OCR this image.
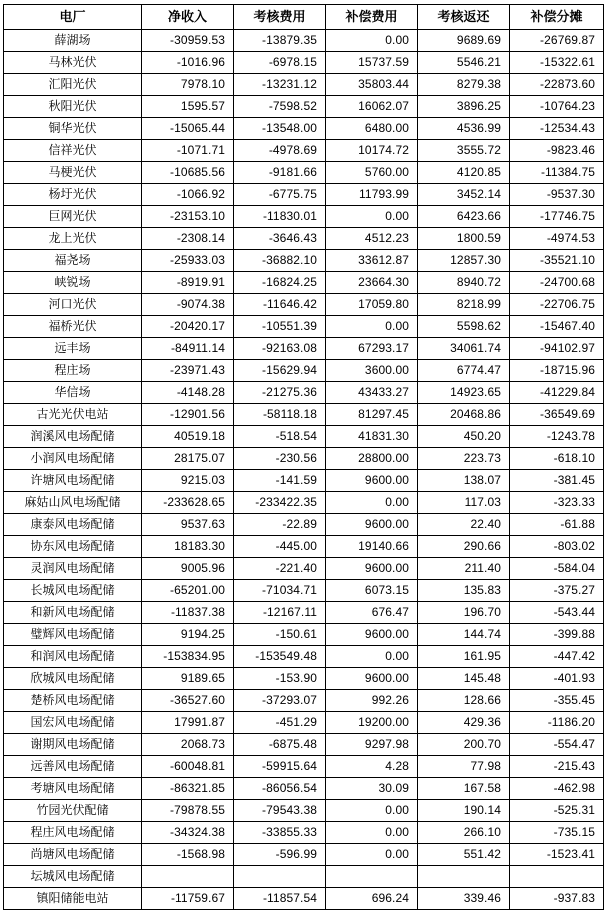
电厂	净收入	考核费用	补偿费用	考核返还	补偿分摊
薛湖场	-30959.53	-13879.35	0.00	9689.69	-26769.87
马林光伏	-1016.96	-6978.15	15737.59	5546.21	-15322.61
汇阳光伏	7978.10	-13231.12	35803.44	8279.38	-22873.60
秋阳光伏	1595.57	-7598.52	16062.07	3896.25	-10764.23
铜华光伏	-15065.44	-13548.00	6480.00	4536.99	-12534.43
信祥光伏	-1071.71	-4978.69	10174.72	3555.72	-9823.46
马梗光伏	-10685.56	-9181.66	5760.00	4120.85	-11384.75
杨圩光伏	-1066.92	-6775.75	11793.99	3452.14	-9537.30
巨网光伏	-23153.10	-11830.01	0.00	6423.66	-17746.75
龙上光伏	-2308.14	-3646.43	4512.23	1800.59	-4974.53
福尧场	-25933.03	-36882.10	33612.87	12857.30	-35521.10
峡锐场	-8919.91	-16824.25	23664.30	8940.72	-24700.68
河口光伏	-9074.38	-11646.42	17059.80	8218.99	-22706.75
福桥光伏	-20420.17	-10551.39	0.00	5598.62	-15467.40
远丰场	-84911.14	-92163.08	67293.17	34061.74	-94102.97
程庄场	-23971.43	-15629.94	3600.00	6774.47	-18715.96
华信场	-4148.28	-21275.36	43433.27	14923.65	-41229.84
古光光伏电站	-12901.56	-58118.18	81297.45	20468.86	-36549.69
润溪风电场配储	40519.18	-518.54	41831.30	450.20	-1243.78
小润风电场配储	28175.07	-230.56	28800.00	223.73	-618.10
许塘风电场配储	9215.03	-141.59	9600.00	138.07	-381.45
麻姑山风电场配储	-233628.65	-233422.35	0.00	117.03	-323.33
康泰风电场配储	9537.63	-22.89	9600.00	22.40	-61.88
协东风电场配储	18183.30	-445.00	19140.66	290.66	-803.02
灵润风电场配储	9005.96	-221.40	9600.00	211.40	-584.04
长城风电场配储	-65201.00	-71034.71	6073.15	135.83	-375.27
和新风电场配储	-11837.38	-12167.11	676.47	196.70	-543.44
璧辉风电场配储	9194.25	-150.61	9600.00	144.74	-399.88
和润风电场配储	-153834.95	-153549.48	0.00	161.95	-447.42
欣城风电场配储	9189.65	-153.90	9600.00	145.48	-401.93
楚桥风电场配储	-36527.60	-37293.07	992.26	128.66	-355.45
国宏风电场配储	17991.87	-451.29	19200.00	429.36	-1186.20
谢期风电场配储	2068.73	-6875.48	9297.98	200.70	-554.47
远善风电场配储	-60048.81	-59915.64	4.28	77.98	-215.43
考塘风电场配储	-86321.85	-86056.54	30.09	167.58	-462.98
竹园光伏配储	-79878.55	-79543.38	0.00	190.14	-525.31
程庄风电场配储	-34324.38	-33855.33	0.00	266.10	-735.15
尚塘风电场配储	-1568.98	-596.99	0.00	551.42	-1523.41
坛城风电场配储					
镇阳储能电站	-11759.67	-11857.54	696.24	339.46	-937.83
